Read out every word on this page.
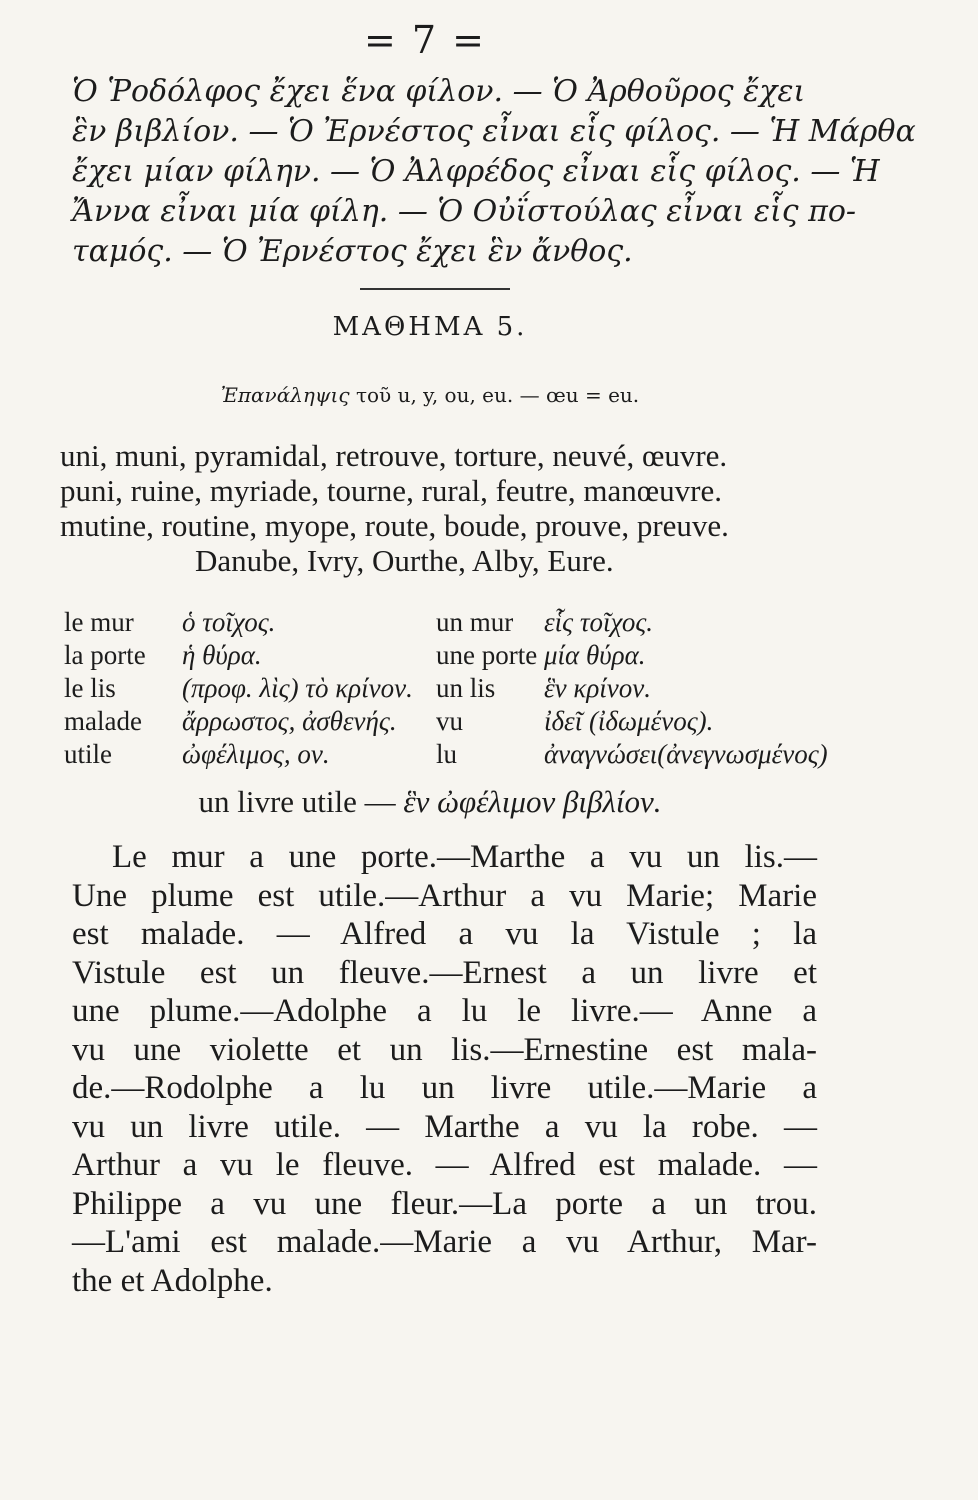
= 7 =
Ὁ Ῥοδόλφος ἔχει ἕνα φίλον. — Ὁ Ἀρθοῦρος ἔχει
ἓν βιβλίον. — Ὁ Ἐρνέστος εἶναι εἷς φίλος. — Ἡ Μάρθα
ἔχει μίαν φίλην. — Ὁ Ἀλφρέδος εἶναι εἷς φίλος. — Ἡ
Ἄννα εἶναι μία φίλη. — Ὁ Οὐΐστούλας εἶναι εἷς πο-
ταμός. — Ὁ Ἐρνέστος ἔχει ἓν ἄνθος.
ΜΑΘΗΜΑ 5.
Ἐπανάληψις τοῦ u, y, ou, eu. — œu = eu.
uni, muni, pyramidal, retrouve, torture, neuvé, œuvre.
puni, ruine, myriade, tourne, rural, feutre, manœuvre.
mutine, routine, myope, route, boude, prouve, preuve.
Danube, Ivry, Ourthe, Alby, Eure.
le mur ὁ τοῖχος.	un mur εἷς τοῖχος.
la porte ἡ θύρα.	une porte μία θύρα.
le lis (προφ. λὶς) τὸ κρίνον. un lis ἓν κρίνον.
malade ἄρρωστος, ἀσθενής. vu	ἰδεῖ (ἰδωμένος).
utile	ὠφέλιμος, ον.	lu	ἀναγνώσει(ἀνεγνωσμένος)
un livre utile — ἓν ὠφέλιμον βιβλίον.
Le mur a une porte.—Marthe a vu un lis.—
Une plume est utile.—Arthur a vu Marie; Marie
est malade. — Alfred a vu la Vistule ; la
Vistule est un fleuve.—Ernest a un livre et
une plume.—Adolphe a lu le livre.— Anne a
vu une violette et un lis.—Ernestine est mala-
de.—Rodolphe a lu un livre utile.—Marie a
vu un livre utile. — Marthe a vu la robe. —
Arthur a vu le fleuve. — Alfred est malade. —
Philippe a vu une fleur.—La porte a un trou.
—L'ami est malade.—Marie a vu Arthur, Mar-
the et Adolphe.
